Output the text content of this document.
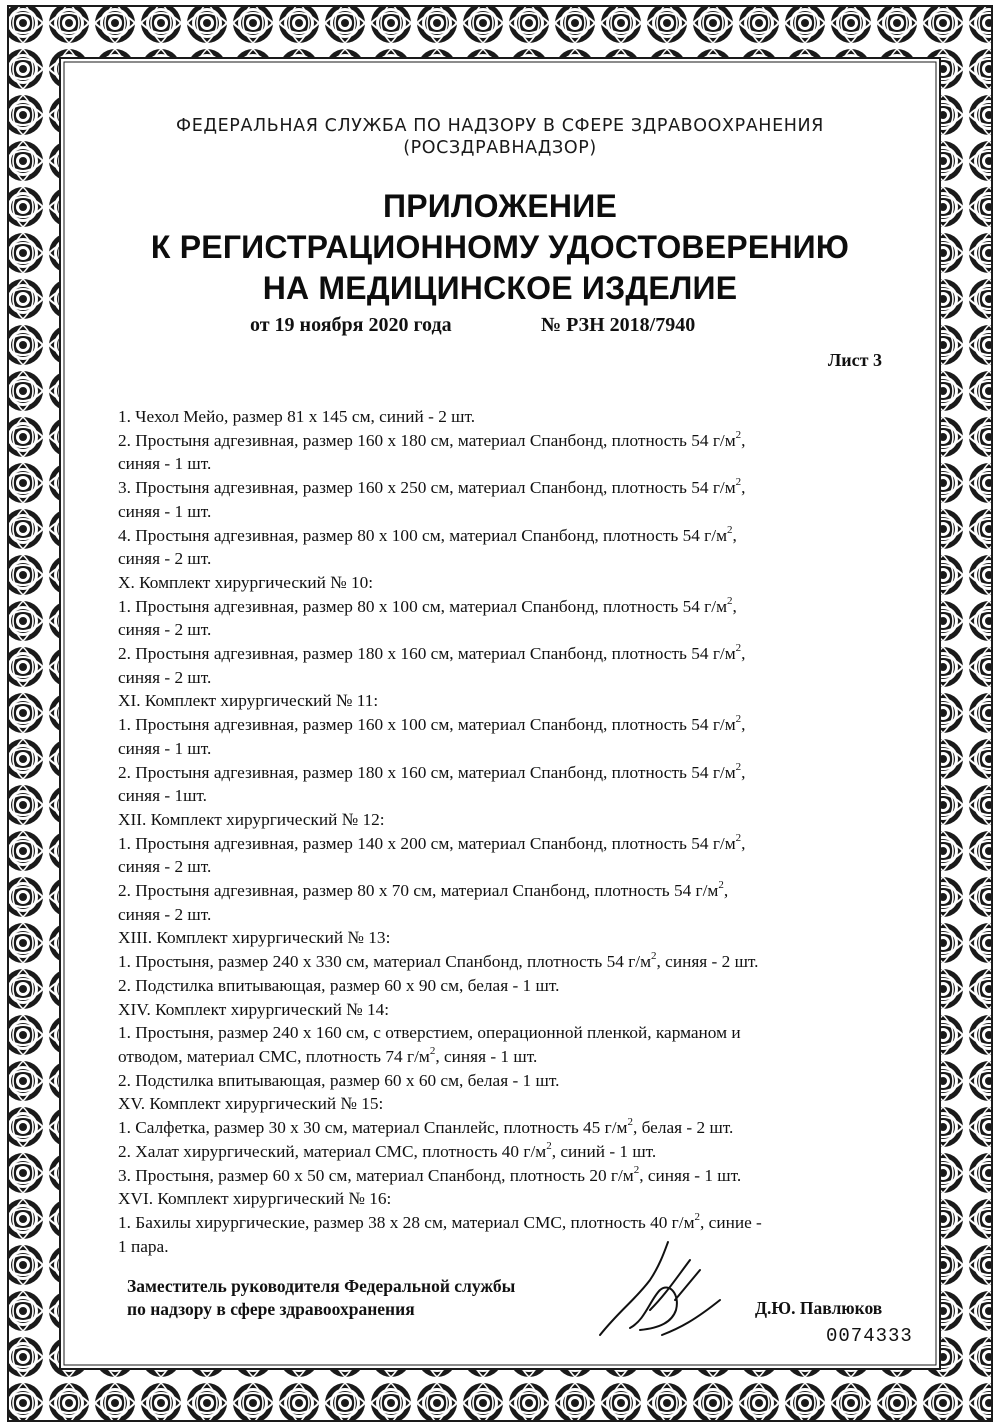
ФЕДЕРАЛЬНАЯ СЛУЖБА ПО НАДЗОРУ В СФЕРЕ ЗДРАВООХРАНЕНИЯ
(РОСЗДРАВНАДЗОР)
ПРИЛОЖЕНИЕ
К РЕГИСТРАЦИОННОМУ УДОСТОВЕРЕНИЮ
НА МЕДИЦИНСКОЕ ИЗДЕЛИЕ
от 19 ноября 2020 года	№ РЗН 2018/7940
Лист 3
1. Чехол Мейо, размер 81 х 145 см, синий - 2 шт.
2. Простыня адгезивная, размер 160 х 180 см, материал Спанбонд, плотность 54 $г/м^2$,
синяя - 1 шт.
3. Простыня адгезивная, размер 160 х 250 см, материал Спанбонд, плотность 54 $г/м^2$,
синяя - 1 шт.
4. Простыня адгезивная, размер 80 х 100 см, материал Спанбонд, плотность 54 $г/м^2$,
синяя - 2 шт.
X. Комплект хирургический № 10:
1. Простыня адгезивная, размер 80 х 100 см, материал Спанбонд, плотность 54 $г/м^2$,
синяя - 2 шт.
2. Простыня адгезивная, размер 180 х 160 см, материал Спанбонд, плотность 54 $г/м^2$,
синяя - 2 шт.
XI. Комплект хирургический № 11:
1. Простыня адгезивная, размер 160 х 100 см, материал Спанбонд, плотность 54 $г/м^2$,
синяя - 1 шт.
2. Простыня адгезивная, размер 180 х 160 см, материал Спанбонд, плотность 54 $г/м^2$,
синяя - 1шт.
XII. Комплект хирургический № 12:
1. Простыня адгезивная, размер 140 х 200 см, материал Спанбонд, плотность 54 $г/м^2$,
синяя - 2 шт.
2. Простыня адгезивная, размер 80 х 70 см, материал Спанбонд, плотность 54 $г/м^2$,
синяя - 2 шт.
XIII. Комплект хирургический № 13:
1. Простыня, размер 240 х 330 см, материал Спанбонд, плотность 54 $г/м^2$, синяя - 2 шт.
2. Подстилка впитывающая, размер 60 х 90 см, белая - 1 шт.
XIV. Комплект хирургический № 14:
1. Простыня, размер 240 х 160 см, с отверстием, операционной пленкой, карманом и
отводом, материал СМС, плотность 74 $г/м^2$, синяя - 1 шт.
2. Подстилка впитывающая, размер 60 х 60 см, белая - 1 шт.
XV. Комплект хирургический № 15:
1. Салфетка, размер 30 х 30 см, материал Спанлейс, плотность 45 $г/м^2$, белая - 2 шт.
2. Халат хирургический, материал СМС, плотность 40 $г/м^2$, синий - 1 шт.
3. Простыня, размер 60 х 50 см, материал Спанбонд, плотность 20 $г/м^2$, синяя - 1 шт.
XVI. Комплект хирургический № 16:
1. Бахилы хирургические, размер 38 х 28 см, материал СМС, плотность 40 $г/м^2$, синие -
1 пара.
Заместитель руководителя Федеральной службы
по надзору в сфере здравоохранения	Д.Ю. Павлюков
0074333
